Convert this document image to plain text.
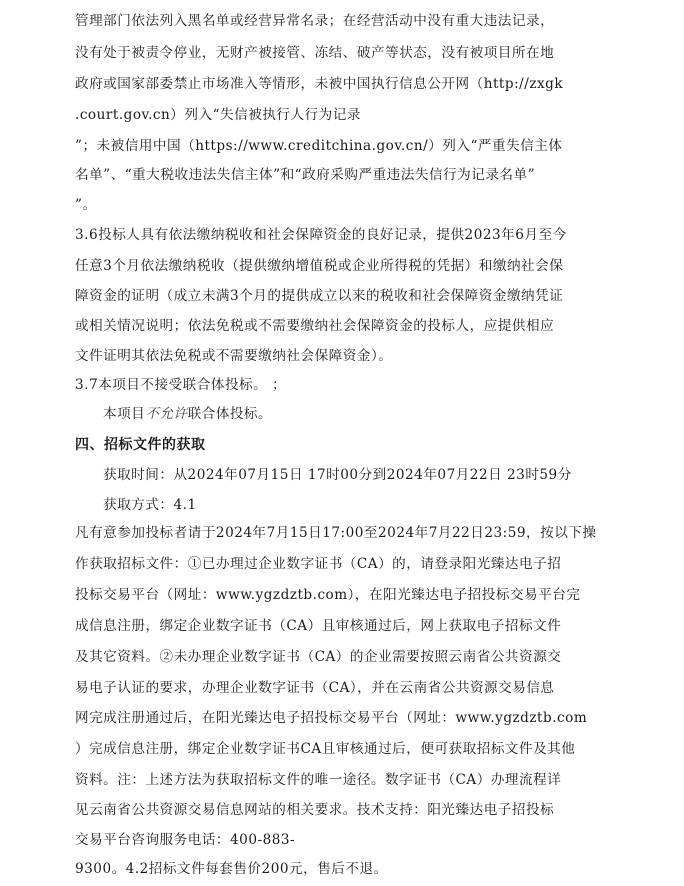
管理部门依法列入黑名单或经营异常名录；在经营活动中没有重大违法记录，
没有处于被责令停业，无财产被接管、冻结、破产等状态，没有被项目所在地
政府或国家部委禁止市场准入等情形，未被中国执行信息公开网（http://zxgk
.court.gov.cn）列入“失信被执行人行为记录
”；未被信用中国（https://www.creditchina.gov.cn/）列入“严重失信主体
名单”、“重大税收违法失信主体”和“政府采购严重违法失信行为记录名单”
”。
3.6投标人具有依法缴纳税收和社会保障资金的良好记录，提供2023年6月至今
任意3个月依法缴纳税收（提供缴纳增值税或企业所得税的凭据）和缴纳社会保
障资金的证明（成立未满3个月的提供成立以来的税收和社会保障资金缴纳凭证
或相关情况说明；依法免税或不需要缴纳社会保障资金的投标人，应提供相应
文件证明其依法免税或不需要缴纳社会保障资金）。
3.7本项目不接受联合体投标。 ；
本项目不允许联合体投标。
四、招标文件的获取
获取时间：从2024年07月15日 17时00分到2024年07月22日 23时59分
获取方式：4.1
凡有意参加投标者请于2024年7月15日17:00至2024年7月22日23:59，按以下操
作获取招标文件：①已办理过企业数字证书（CA）的，请登录阳光臻达电子招
投标交易平台（网址：www.ygzdztb.com），在阳光臻达电子招投标交易平台完
成信息注册，绑定企业数字证书（CA）且审核通过后，网上获取电子招标文件
及其它资料。②未办理企业数字证书（CA）的企业需要按照云南省公共资源交
易电子认证的要求，办理企业数字证书（CA），并在云南省公共资源交易信息
网完成注册通过后，在阳光臻达电子招投标交易平台（网址：www.ygzdztb.com
）完成信息注册，绑定企业数字证书CA且审核通过后，便可获取招标文件及其他
资料。注：上述方法为获取招标文件的唯一途径。数字证书（CA）办理流程详
见云南省公共资源交易信息网站的相关要求。技术支持：阳光臻达电子招投标
交易平台咨询服务电话：400-883-
9300。4.2招标文件每套售价200元，售后不退。
